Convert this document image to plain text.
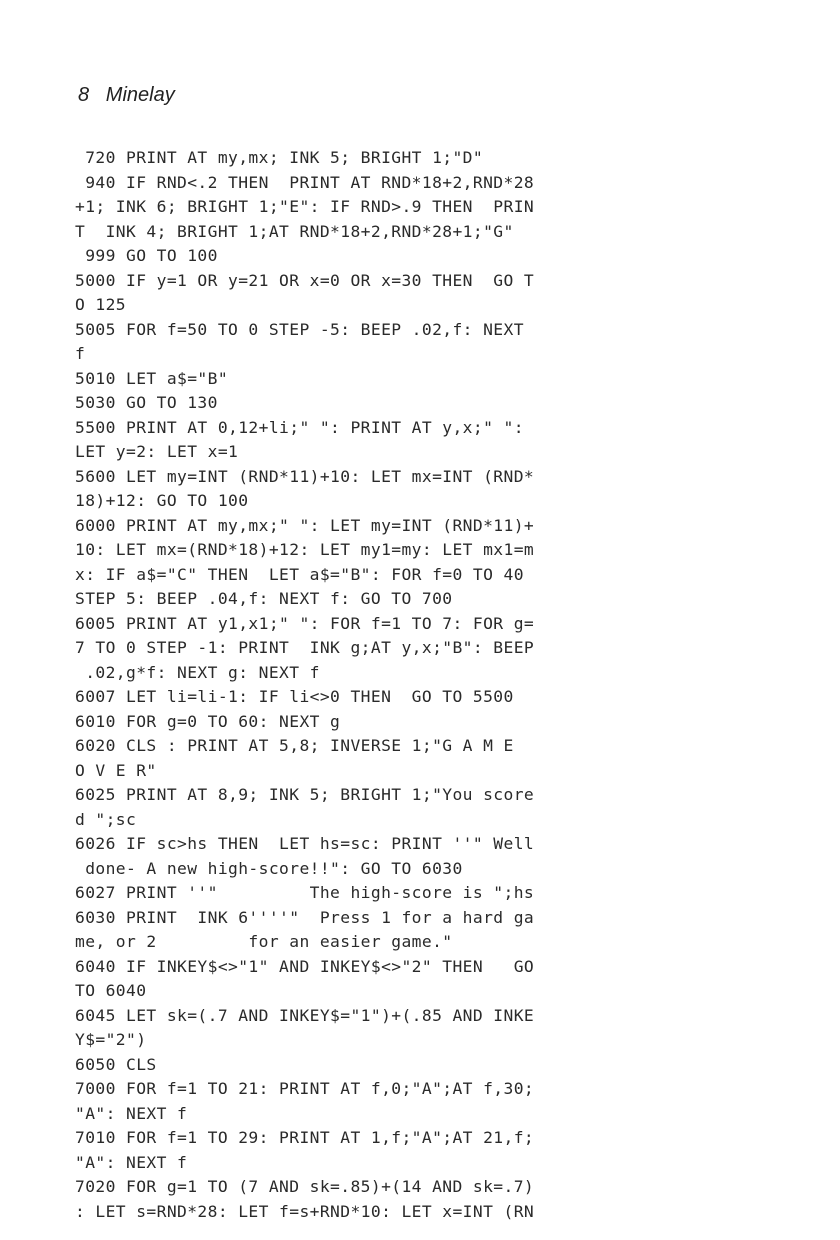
8 Minelay
720 PRINT AT my,mx; INK 5; BRIGHT 1;"D"
940 IF RND<.2 THEN  PRINT AT RND*18+2,RND*28
+1; INK 6; BRIGHT 1;"E": IF RND>.9 THEN  PRIN
T  INK 4; BRIGHT 1;AT RND*18+2,RND*28+1;"G"
999 GO TO 100
5000 IF y=1 OR y=21 OR x=0 OR x=30 THEN  GO T
O 125
5005 FOR f=50 TO 0 STEP -5: BEEP .02,f: NEXT
f
5010 LET a$="B"
5030 GO TO 130
5500 PRINT AT 0,12+li;" ": PRINT AT y,x;" ":
LET y=2: LET x=1
5600 LET my=INT (RND*11)+10: LET mx=INT (RND*
18)+12: GO TO 100
6000 PRINT AT my,mx;" ": LET my=INT (RND*11)+
10: LET mx=(RND*18)+12: LET my1=my: LET mx1=m
x: IF a$="C" THEN  LET a$="B": FOR f=0 TO 40
STEP 5: BEEP .04,f: NEXT f: GO TO 700
6005 PRINT AT y1,x1;" ": FOR f=1 TO 7: FOR g=
7 TO 0 STEP -1: PRINT  INK g;AT y,x;"B": BEEP
.02,g*f: NEXT g: NEXT f
6007 LET li=li-1: IF li<>0 THEN  GO TO 5500
6010 FOR g=0 TO 60: NEXT g
6020 CLS : PRINT AT 5,8; INVERSE 1;"G A M E
O V E R"
6025 PRINT AT 8,9; INK 5; BRIGHT 1;"You score
d ";sc
6026 IF sc>hs THEN  LET hs=sc: PRINT ''" Well
done- A new high-score!!": GO TO 6030
6027 PRINT ''"         The high-score is ";hs
6030 PRINT  INK 6''''"  Press 1 for a hard ga
me, or 2         for an easier game."
6040 IF INKEY$<>"1" AND INKEY$<>"2" THEN   GO
TO 6040
6045 LET sk=(.7 AND INKEY$="1")+(.85 AND INKE
Y$="2")
6050 CLS
7000 FOR f=1 TO 21: PRINT AT f,0;"A";AT f,30;
"A": NEXT f
7010 FOR f=1 TO 29: PRINT AT 1,f;"A";AT 21,f;
"A": NEXT f
7020 FOR g=1 TO (7 AND sk=.85)+(14 AND sk=.7)
: LET s=RND*28: LET f=s+RND*10: LET x=INT (RN
